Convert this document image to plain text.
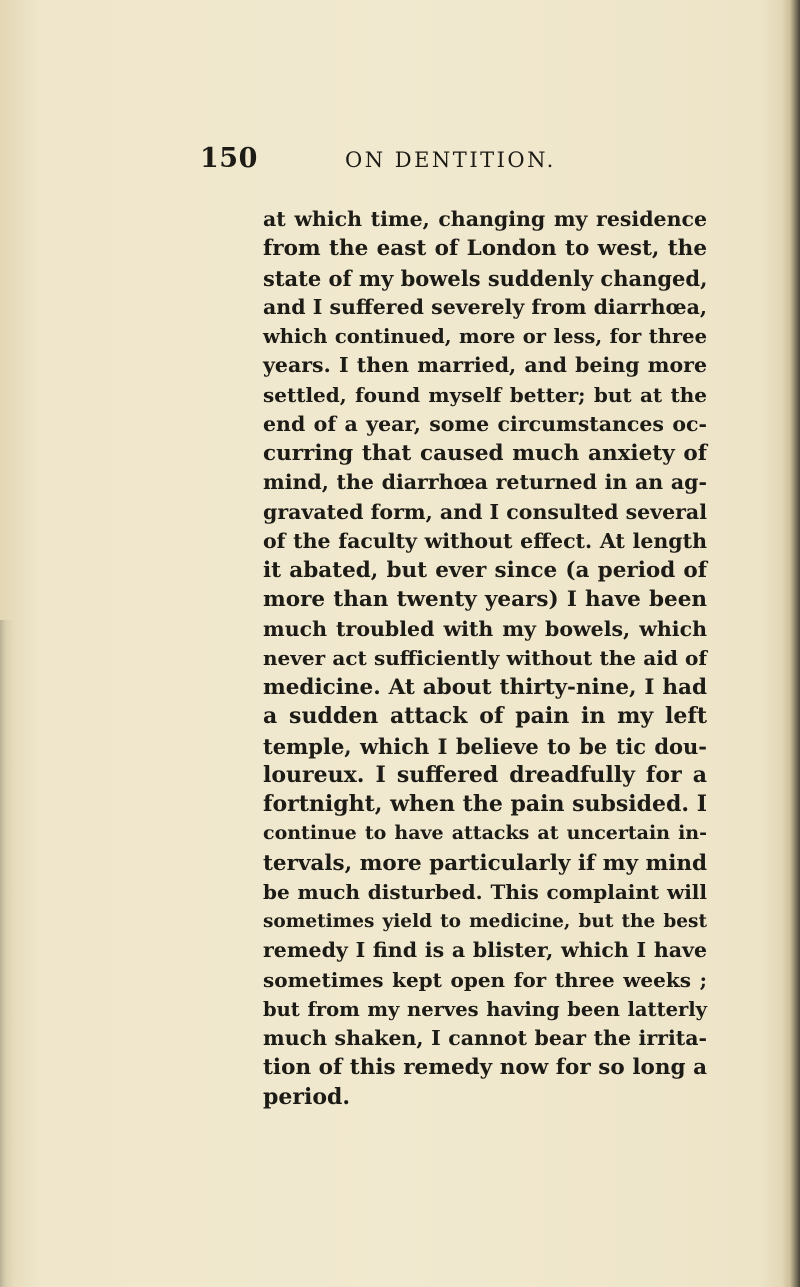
150	ON DENTITION.
at which time, changing my residence
from the east of London to west, the
state of my bowels suddenly changed,
and I suffered severely from diarrhœa,
which continued, more or less, for three
years. I then married, and being more
settled, found myself better; but at the
end of a year, some circumstances oc-
curring that caused much anxiety of
mind, the diarrhœa returned in an ag-
gravated form, and I consulted several
of the faculty without effect. At length
it abated, but ever since (a period of
more than twenty years) I have been
much troubled with my bowels, which
never act sufficiently without the aid of
medicine. At about thirty-nine, I had
a sudden attack of pain in my left
temple, which I believe to be tic dou-
loureux. I suffered dreadfully for a
fortnight, when the pain subsided. I
continue to have attacks at uncertain in-
tervals, more particularly if my mind
be much disturbed. This complaint will
sometimes yield to medicine, but the best
remedy I find is a blister, which I have
sometimes kept open for three weeks ;
but from my nerves having been latterly
much shaken, I cannot bear the irrita-
tion of this remedy now for so long a
period.
